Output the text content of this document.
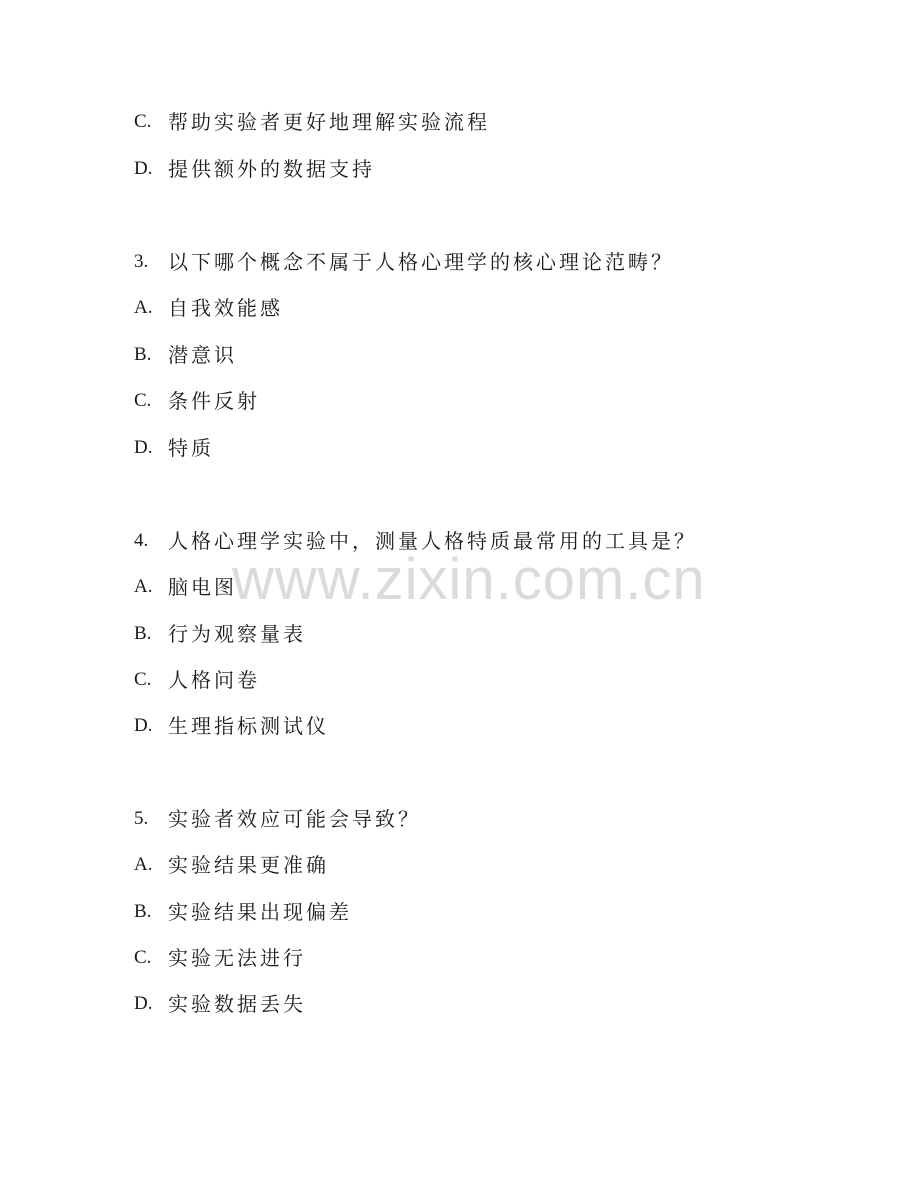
C. 帮助实验者更好地理解实验流程
D. 提供额外的数据支持
3. 以下哪个概念不属于人格心理学的核心理论范畴？
A. 自我效能感
B. 潜意识
C. 条件反射
D. 特质
4. 人格心理学实验中，测量人格特质最常用的工具是？
A. 脑电图
B. 行为观察量表
C. 人格问卷
D. 生理指标测试仪
5. 实验者效应可能会导致？
A. 实验结果更准确
B. 实验结果出现偏差
C. 实验无法进行
D. 实验数据丢失
www.zixin.com.cn
